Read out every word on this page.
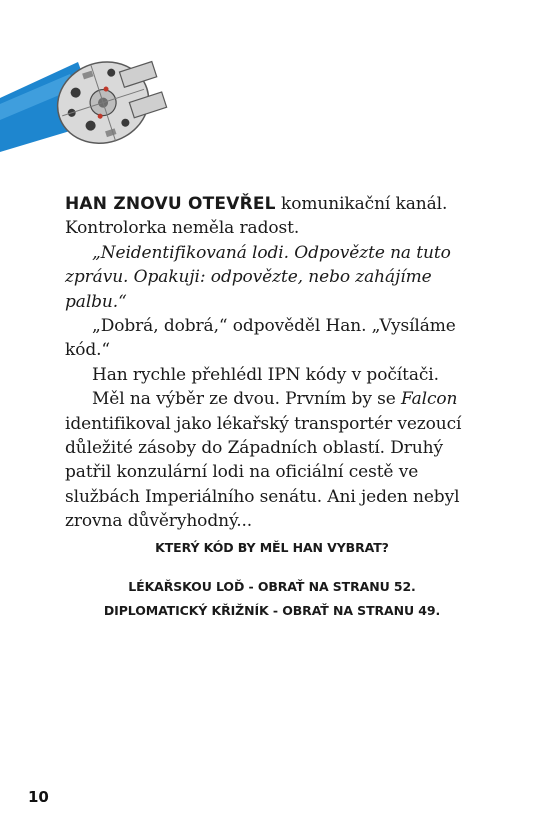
HAN ZNOVU OTEVŘEL komunikační kanál. Kontrolorka neměla radost.

„Neidentifikovaná lodi. Odpovězte na tuto zprávu. Opakuji: odpovězte, nebo zahájíme palbu.“

„Dobrá, dobrá,“ odpověděl Han. „Vysíláme kód.“

Han rychle přehlédl IPN kódy v počítači.

Měl na výběr ze dvou. Prvním by se Falcon identifikoval jako lékařský transportér vezoucí důležité zásoby do Západních oblastí. Druhý patřil konzulární lodi na oficiální cestě ve službách Imperiálního senátu. Ani jeden nebyl zrovna důvěryhodný...

KTERÝ KÓD BY MĚL HAN VYBRAT?
LÉKAŘSKOU LOĎ - OBRAŤ NA STRANU 52.
DIPLOMATICKÝ KŘIŽNÍK - OBRAŤ NA STRANU 49.
10
